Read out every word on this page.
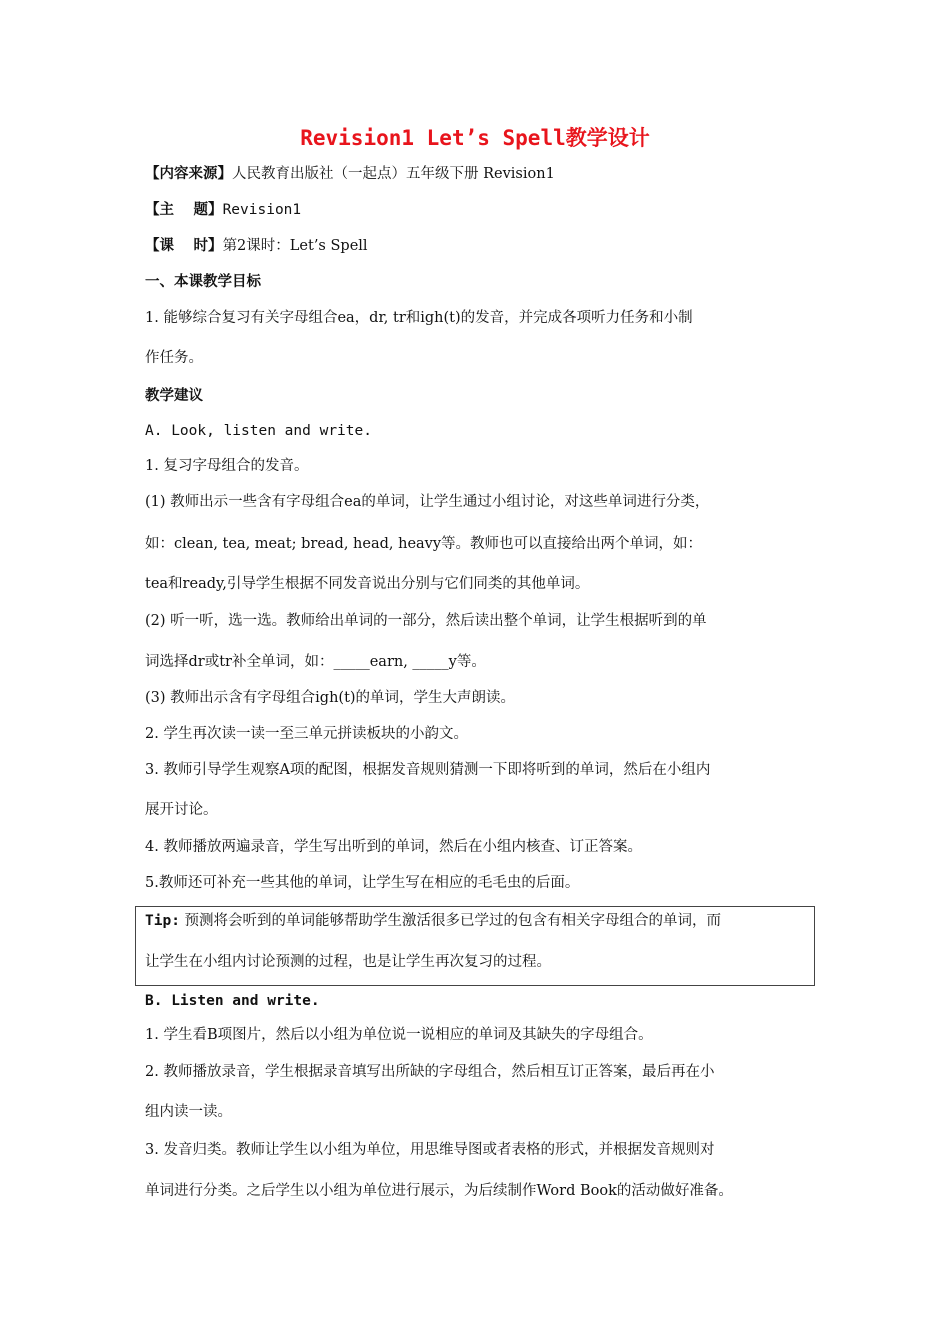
Revision1 Let’s Spell教学设计
【内容来源】人民教育出版社（一起点）五年级下册 Revision1
【主　 题】Revision1
【课　 时】第2课时：Let’s Spell
一、本课教学目标
1. 能够综合复习有关字母组合ea，dr, tr和igh(t)的发音，并完成各项听力任务和小制
作任务。
教学建议
A. Look, listen and write.
1. 复习字母组合的发音。
(1) 教师出示一些含有字母组合ea的单词，让学生通过小组讨论，对这些单词进行分类，
如：clean, tea, meat; bread, head, heavy等。教师也可以直接给出两个单词，如：
tea和ready,引导学生根据不同发音说出分别与它们同类的其他单词。
(2) 听一听，选一选。教师给出单词的一部分，然后读出整个单词，让学生根据听到的单
词选择dr或tr补全单词，如：_____earn, _____y等。
(3) 教师出示含有字母组合igh(t)的单词，学生大声朗读。
2. 学生再次读一读一至三单元拼读板块的小韵文。
3. 教师引导学生观察A项的配图，根据发音规则猜测一下即将听到的单词，然后在小组内
展开讨论。
4. 教师播放两遍录音，学生写出听到的单词，然后在小组内核查、订正答案。
5.教师还可补充一些其他的单词，让学生写在相应的毛毛虫的后面。
Tip: 预测将会听到的单词能够帮助学生激活很多已学过的包含有相关字母组合的单词，而
让学生在小组内讨论预测的过程，也是让学生再次复习的过程。
B. Listen and write.
1. 学生看B项图片，然后以小组为单位说一说相应的单词及其缺失的字母组合。
2. 教师播放录音，学生根据录音填写出所缺的字母组合，然后相互订正答案，最后再在小
组内读一读。
3. 发音归类。教师让学生以小组为单位，用思维导图或者表格的形式，并根据发音规则对
单词进行分类。之后学生以小组为单位进行展示，为后续制作Word Book的活动做好准备。
